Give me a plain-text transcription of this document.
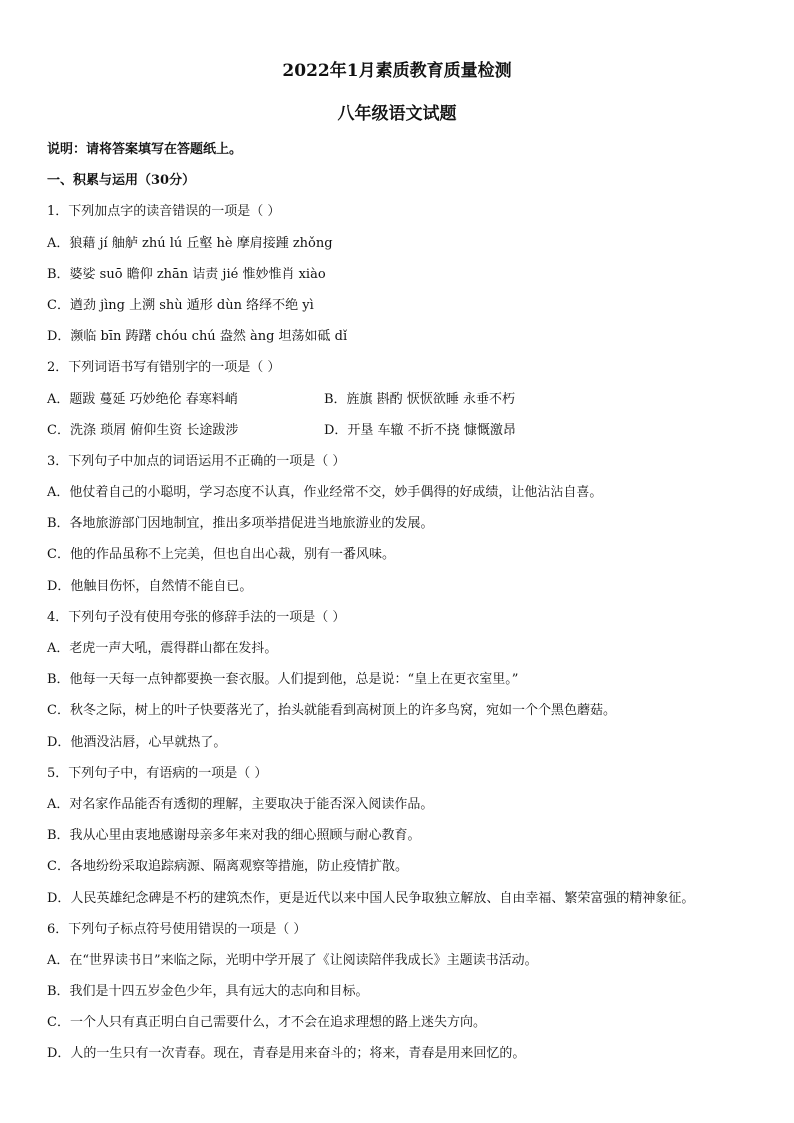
2022年1月素质教育质量检测
八年级语文试题
说明：请将答案填写在答题纸上。
一、积累与运用（30分）
1．下列加点字的读音错误的一项是（ ）
A．狼藉 jí 舳舻 zhú lú 丘壑 hè 摩肩接踵 zhǒng
B．婆娑 suō 瞻仰 zhān 诘责 jié 惟妙惟肖 xiào
C．遒劲 jìng 上溯 shù 遁形 dùn 络绎不绝 yì
D．濒临 bīn 踌躇 chóu chú 盎然 àng 坦荡如砥 dǐ
2．下列词语书写有错别字的一项是（ ）
A．题跋 蔓延 巧妙绝伦 春寒料峭	B．旌旗 斟酌 恹恹欲睡 永垂不朽
C．洗涤 琐屑 俯仰生资 长途跋涉	D．开垦 车辙 不折不挠 慷慨激昂
3．下列句子中加点的词语运用不正确的一项是（ ）
A．他仗着自己的小聪明，学习态度不认真，作业经常不交，妙手偶得的好成绩，让他沾沾自喜。
B．各地旅游部门因地制宜，推出多项举措促进当地旅游业的发展。
C．他的作品虽称不上完美，但也自出心裁，别有一番风味。
D．他触目伤怀，自然情不能自已。
4．下列句子没有使用夸张的修辞手法的一项是（ ）
A．老虎一声大吼，震得群山都在发抖。
B．他每一天每一点钟都要换一套衣服。人们提到他，总是说：“皇上在更衣室里。”
C．秋冬之际，树上的叶子快要落光了，抬头就能看到高树顶上的许多鸟窝，宛如一个个黑色蘑菇。
D．他酒没沾唇，心早就热了。
5．下列句子中，有语病的一项是（ ）
A．对名家作品能否有透彻的理解，主要取决于能否深入阅读作品。
B．我从心里由衷地感谢母亲多年来对我的细心照顾与耐心教育。
C．各地纷纷采取追踪病源、隔离观察等措施，防止疫情扩散。
D．人民英雄纪念碑是不朽的建筑杰作，更是近代以来中国人民争取独立解放、自由幸福、繁荣富强的精神象征。
6．下列句子标点符号使用错误的一项是（ ）
A．在“世界读书日”来临之际，光明中学开展了《让阅读陪伴我成长》主题读书活动。
B．我们是十四五岁金色少年，具有远大的志向和目标。
C．一个人只有真正明白自己需要什么，才不会在追求理想的路上迷失方向。
D．人的一生只有一次青春。现在，青春是用来奋斗的；将来，青春是用来回忆的。
